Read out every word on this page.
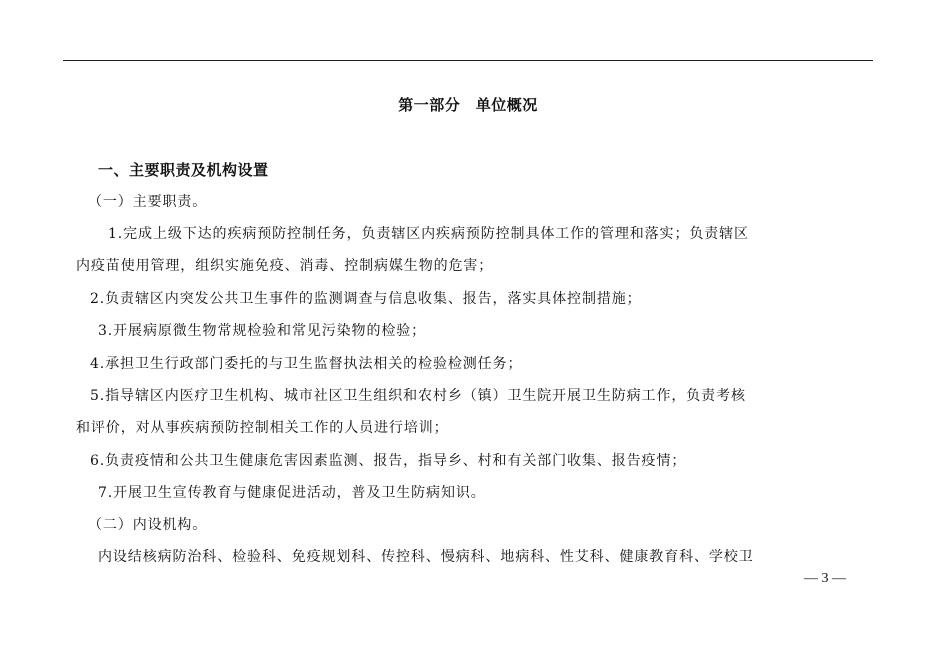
第一部分　单位概况
一、主要职责及机构设置
（一）主要职责。
1.完成上级下达的疾病预防控制任务，负责辖区内疾病预防控制具体工作的管理和落实；负责辖区
内疫苗使用管理，组织实施免疫、消毒、控制病媒生物的危害；
2.负责辖区内突发公共卫生事件的监测调查与信息收集、报告，落实具体控制措施；
3.开展病原微生物常规检验和常见污染物的检验；
4.承担卫生行政部门委托的与卫生监督执法相关的检验检测任务；
5.指导辖区内医疗卫生机构、城市社区卫生组织和农村乡（镇）卫生院开展卫生防病工作，负责考核
和评价，对从事疾病预防控制相关工作的人员进行培训；
6.负责疫情和公共卫生健康危害因素监测、报告，指导乡、村和有关部门收集、报告疫情；
7.开展卫生宣传教育与健康促进活动，普及卫生防病知识。
（二）内设机构。
内设结核病防治科、检验科、免疫规划科、传控科、慢病科、地病科、性艾科、健康教育科、学校卫
— 3 —
